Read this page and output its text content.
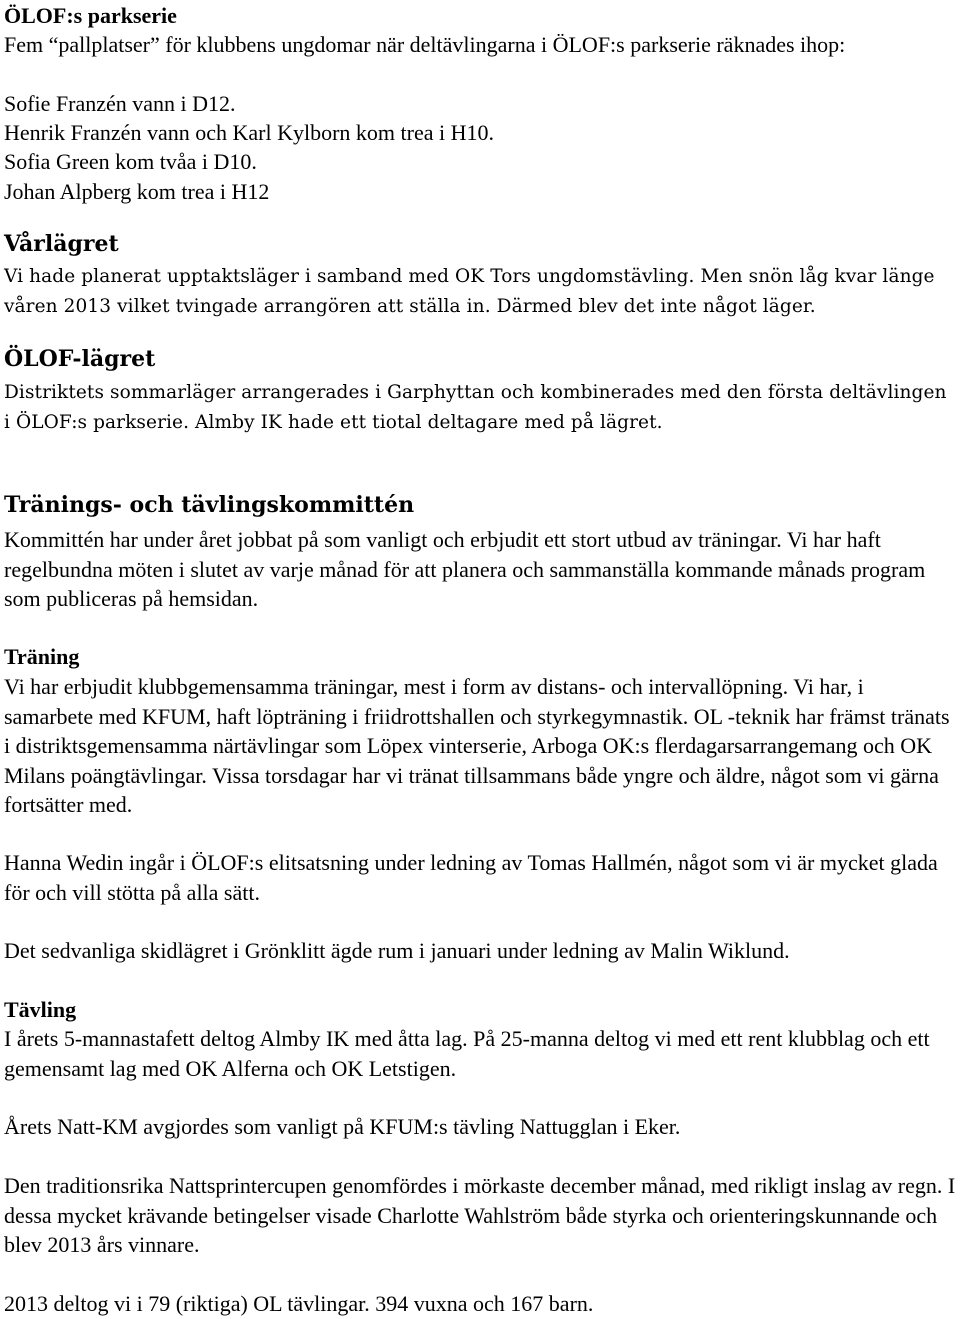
ÖLOF:s parkserie

Fem “pallplatser” för klubbens ungdomar när deltävlingarna i ÖLOF:s parkserie räknades ihop:

Sofie Franzén vann i D12.

Henrik Franzén vann och Karl Kylborn kom trea i H10.

Sofia Green kom tvåa i D10.

Johan Alpberg kom trea i H12

Vårlägret

Vi hade planerat upptaktsläger i samband med OK Tors ungdomstävling. Men snön låg kvar länge våren 2013 vilket tvingade arrangören att ställa in. Därmed blev det inte något läger.

ÖLOF-lägret

Distriktets sommarläger arrangerades i Garphyttan och kombinerades med den första deltävlingen i ÖLOF:s parkserie. Almby IK hade ett tiotal deltagare med på lägret.

Tränings- och tävlingskommittén

Kommittén har under året jobbat på som vanligt och erbjudit ett stort utbud av träningar. Vi har haft regelbundna möten i slutet av varje månad för att planera och sammanställa kommande månads program som publiceras på hemsidan.

Träning

Vi har erbjudit klubbgemensamma träningar, mest i form av distans- och intervallöpning. Vi har, i samarbete med KFUM, haft löpträning i friidrottshallen och styrkegymnastik. OL -teknik har främst tränats i distriktsgemensamma närtävlingar som Löpex vinterserie, Arboga OK:s flerdagarsarrangemang och OK Milans poängtävlingar. Vissa torsdagar har vi tränat tillsammans både yngre och äldre, något som vi gärna fortsätter med.

Hanna Wedin ingår i ÖLOF:s elitsatsning under ledning av Tomas Hallmén, något som vi är mycket glada för och vill stötta på alla sätt.

Det sedvanliga skidlägret i Grönklitt ägde rum i januari under ledning av Malin Wiklund.

Tävling

I årets 5-mannastafett deltog Almby IK med åtta lag. På 25-manna deltog vi med ett rent klubblag och ett gemensamt lag med OK Alferna och OK Letstigen.

Årets Natt-KM avgjordes som vanligt på KFUM:s tävling Nattugglan i Eker.

Den traditionsrika Nattsprintercupen genomfördes i mörkaste december månad, med rikligt inslag av regn. I dessa mycket krävande betingelser visade Charlotte Wahlström både styrka och orienteringskunnande och blev 2013 års vinnare.

2013 deltog vi i 79 (riktiga) OL tävlingar. 394 vuxna och 167 barn.
